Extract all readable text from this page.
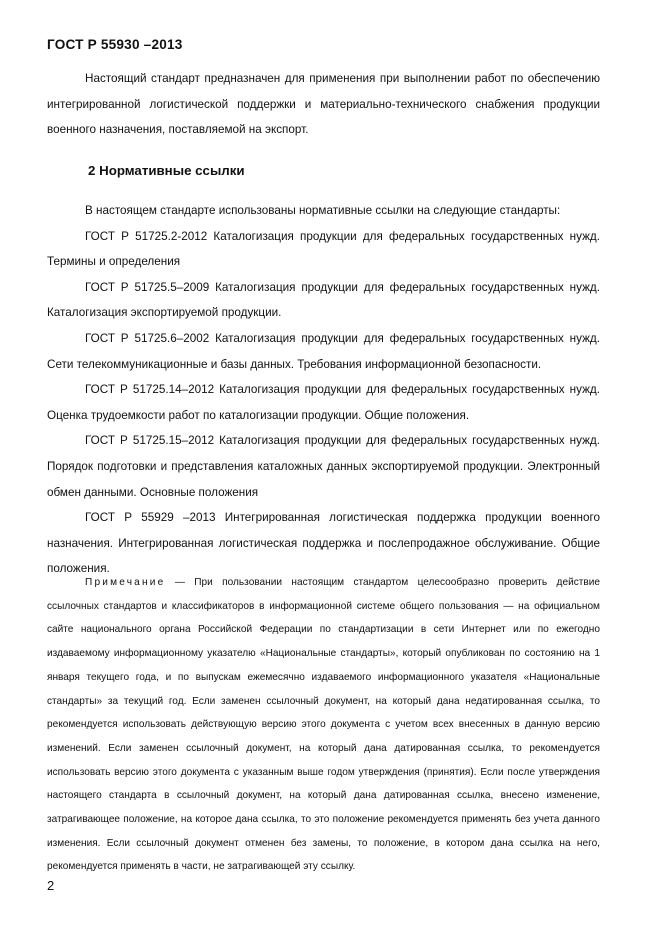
ГОСТ Р 55930 –2013

Настоящий стандарт предназначен для применения при выполнении работ по обеспечению интегрированной логистической поддержки и материально-технического снабжения продукции военного назначения, поставляемой на экспорт.

2 Нормативные ссылки

В настоящем стандарте использованы нормативные ссылки на следующие стандарты:

ГОСТ Р 51725.2-2012 Каталогизация продукции для федеральных государственных нужд. Термины и определения

ГОСТ Р 51725.5–2009 Каталогизация продукции для федеральных государственных нужд. Каталогизация экспортируемой продукции.

ГОСТ Р 51725.6–2002 Каталогизация продукции для федеральных государственных нужд. Сети телекоммуникационные и базы данных. Требования информационной безопасности.

ГОСТ Р 51725.14–2012 Каталогизация продукции для федеральных государственных нужд. Оценка трудоемкости работ по каталогизации продукции. Общие положения.

ГОСТ Р 51725.15–2012 Каталогизация продукции для федеральных государственных нужд. Порядок подготовки и представления каталожных данных экспортируемой продукции. Электронный обмен данными. Основные положения

ГОСТ Р 55929 –2013 Интегрированная логистическая поддержка продукции военного назначения. Интегрированная логистическая поддержка и послепродажное обслуживание. Общие положения.

Примечание — При пользовании настоящим стандартом целесообразно проверить действие ссылочных стандартов и классификаторов в информационной системе общего пользования — на официальном сайте национального органа Российской Федерации по стандартизации в сети Интернет или по ежегодно издаваемому информационному указателю «Национальные стандарты», который опубликован по состоянию на 1 января текущего года, и по выпускам ежемесячно издаваемого информационного указателя «Национальные стандарты» за текущий год. Если заменен ссылочный документ, на который дана недатированная ссылка, то рекомендуется использовать действующую версию этого документа с учетом всех внесенных в данную версию изменений. Если заменен ссылочный документ, на который дана датированная ссылка, то рекомендуется использовать версию этого документа с указанным выше годом утверждения (принятия). Если после утверждения настоящего стандарта в ссылочный документ, на который дана датированная ссылка, внесено изменение, затрагивающее положение, на которое дана ссылка, то это положение рекомендуется применять без учета данного изменения. Если ссылочный документ отменен без замены, то положение, в котором дана ссылка на него, рекомендуется применять в части, не затрагивающей эту ссылку.
2
